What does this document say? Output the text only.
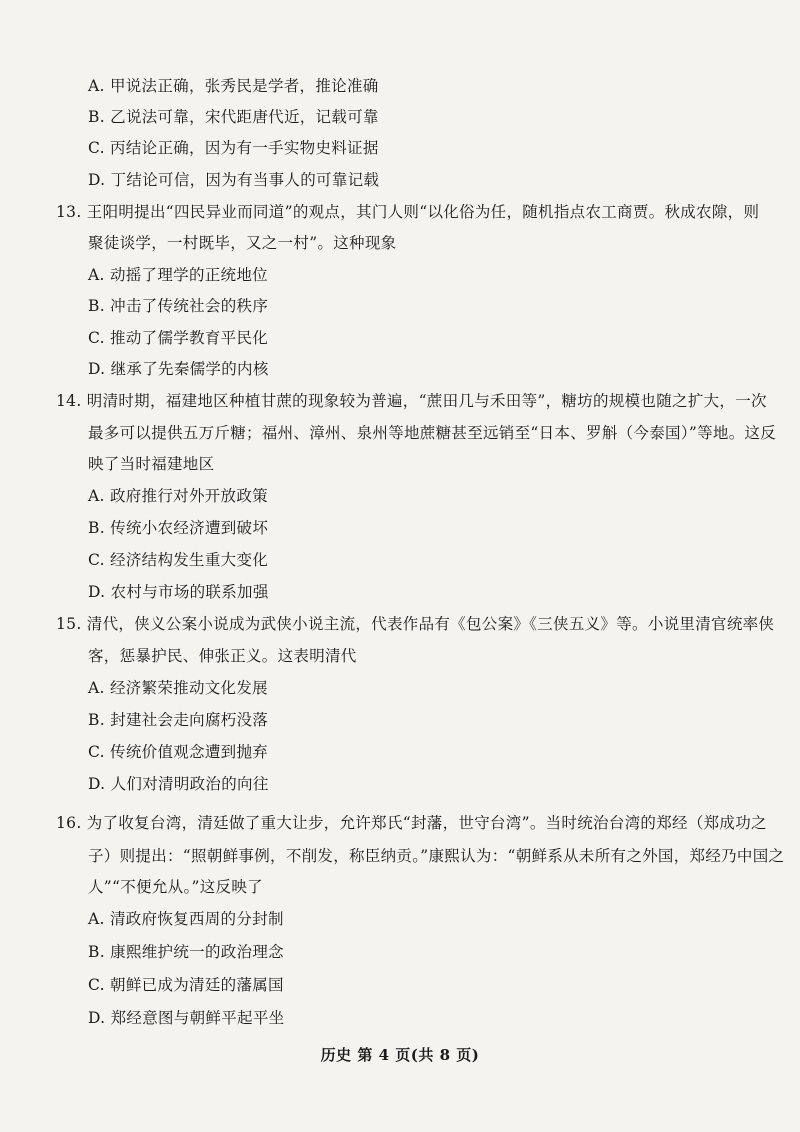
A. 甲说法正确，张秀民是学者，推论准确
B. 乙说法可靠，宋代距唐代近，记载可靠
C. 丙结论正确，因为有一手实物史料证据
D. 丁结论可信，因为有当事人的可靠记载
13. 王阳明提出“四民异业而同道”的观点，其门人则“以化俗为任，随机指点农工商贾。秋成农隙，则
聚徒谈学，一村既毕，又之一村”。这种现象
A. 动摇了理学的正统地位
B. 冲击了传统社会的秩序
C. 推动了儒学教育平民化
D. 继承了先秦儒学的内核
14. 明清时期，福建地区种植甘蔗的现象较为普遍，“蔗田几与禾田等”，糖坊的规模也随之扩大，一次
最多可以提供五万斤糖；福州、漳州、泉州等地蔗糖甚至远销至“日本、罗斛（今泰国）”等地。这反
映了当时福建地区
A. 政府推行对外开放政策
B. 传统小农经济遭到破坏
C. 经济结构发生重大变化
D. 农村与市场的联系加强
15. 清代，侠义公案小说成为武侠小说主流，代表作品有《包公案》《三侠五义》等。小说里清官统率侠
客，惩暴护民、伸张正义。这表明清代
A. 经济繁荣推动文化发展
B. 封建社会走向腐朽没落
C. 传统价值观念遭到抛弃
D. 人们对清明政治的向往
16. 为了收复台湾，清廷做了重大让步，允许郑氏“封藩，世守台湾”。当时统治台湾的郑经（郑成功之
子）则提出：“照朝鲜事例，不削发，称臣纳贡。”康熙认为：“朝鲜系从未所有之外国，郑经乃中国之
人”“不便允从。”这反映了
A. 清政府恢复西周的分封制
B. 康熙维护统一的政治理念
C. 朝鲜已成为清廷的藩属国
D. 郑经意图与朝鲜平起平坐
历史 第 4 页(共 8 页)
